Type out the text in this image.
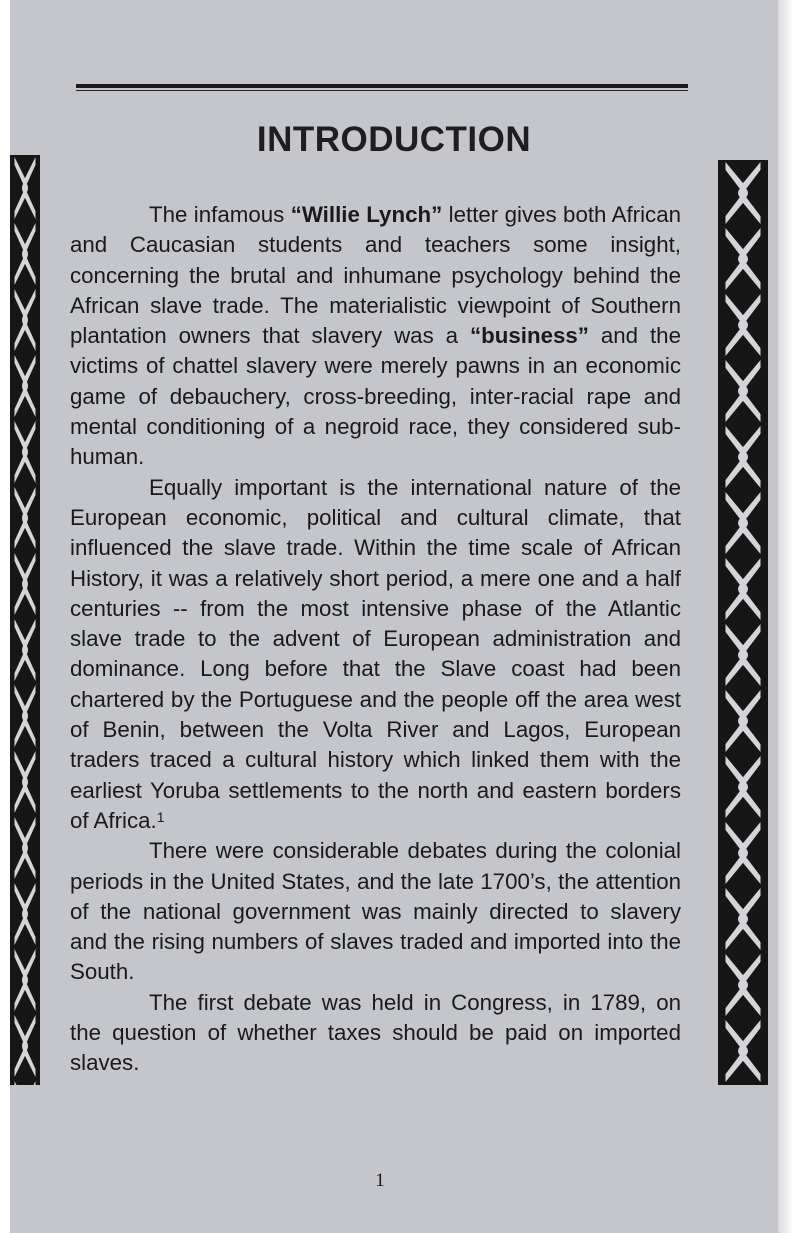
INTRODUCTION

The infamous “Willie Lynch” letter gives both African and Caucasian students and teachers some insight, concerning the brutal and inhumane psychology behind the African slave trade. The materialistic viewpoint of Southern plantation owners that slavery was a “business” and the victims of chattel slavery were merely pawns in an economic game of debauchery, cross-breeding, inter-racial rape and mental conditioning of a negroid race, they considered sub-human.

Equally important is the international nature of the European economic, political and cultural climate, that influenced the slave trade. Within the time scale of African History, it was a relatively short period, a mere one and a half centuries -- from the most intensive phase of the Atlantic slave trade to the advent of European administration and dominance. Long before that the Slave coast had been chartered by the Portuguese and the people off the area west of Benin, between the Volta River and Lagos, European traders traced a cultural history which linked them with the earliest Yoruba settlements to the north and eastern borders of Africa.$^1$

There were considerable debates during the colonial periods in the United States, and the late 1700’s, the attention of the national government was mainly directed to slavery and the rising numbers of slaves traded and imported into the South.

The first debate was held in Congress, in 1789, on the question of whether taxes should be paid on imported slaves.

1
